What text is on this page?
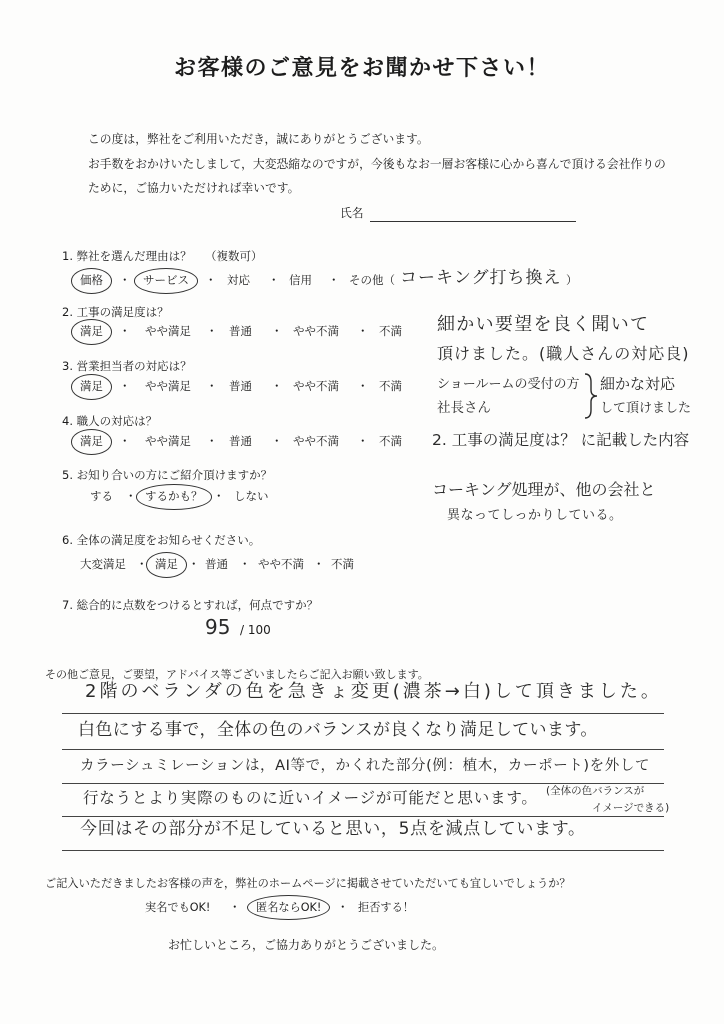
お客様のご意見をお聞かせ下さい！
この度は，弊社をご利用いただき，誠にありがとうございます。
お手数をおかけいたしまして，大変恐縮なのですが，今後もなお一層お客様に心から喜んで頂ける会社作りの
ために，ご協力いただければ幸いです。
氏名
1. 弊社を選んだ理由は？ （複数可）
価格 ・ サービス ・ 対応 ・ 信用 ・ その他（ コーキング打ち換え ）
2. 工事の満足度は？
満足 ・ やや満足 ・ 普通 ・ やや不満 ・ 不満
3. 営業担当者の対応は？
満足 ・ やや満足 ・ 普通 ・ やや不満 ・ 不満
4. 職人の対応は？
満足 ・ やや満足 ・ 普通 ・ やや不満 ・ 不満
5. お知り合いの方にご紹介頂けますか？
する ・ するかも？ ・ しない
6. 全体の満足度をお知らせください。
大変満足 ・ 満足 ・ 普通 ・ やや不満 ・ 不満
7. 総合的に点数をつけるとすれば，何点ですか？
95 / 100
細かい要望を良く聞いて
頂けました。(職人さんの対応良)
ショールームの受付の方
社長さん
細かな対応
して頂けました
2. 工事の満足度は？ に記載した内容
コーキング処理が、他の会社と
異なってしっかりしている。
その他ご意見，ご要望，アドバイス等ございましたらご記入お願い致します。
2階のベランダの色を急きょ変更(濃茶→白)して頂きました。
白色にする事で，全体の色のバランスが良くなり満足しています。
カラーシュミレーションは，AI等で，かくれた部分(例：植木，カーポート)を外して
行なうとより実際のものに近いイメージが可能だと思います。 (全体の色バランスが
イメージできる)
今回はその部分が不足していると思い，5点を減点しています。
ご記入いただきましたお客様の声を，弊社のホームページに掲載させていただいても宜しいでしょうか？
実名でもOK! ・ 匿名ならOK! ・ 拒否する！
お忙しいところ，ご協力ありがとうございました。
